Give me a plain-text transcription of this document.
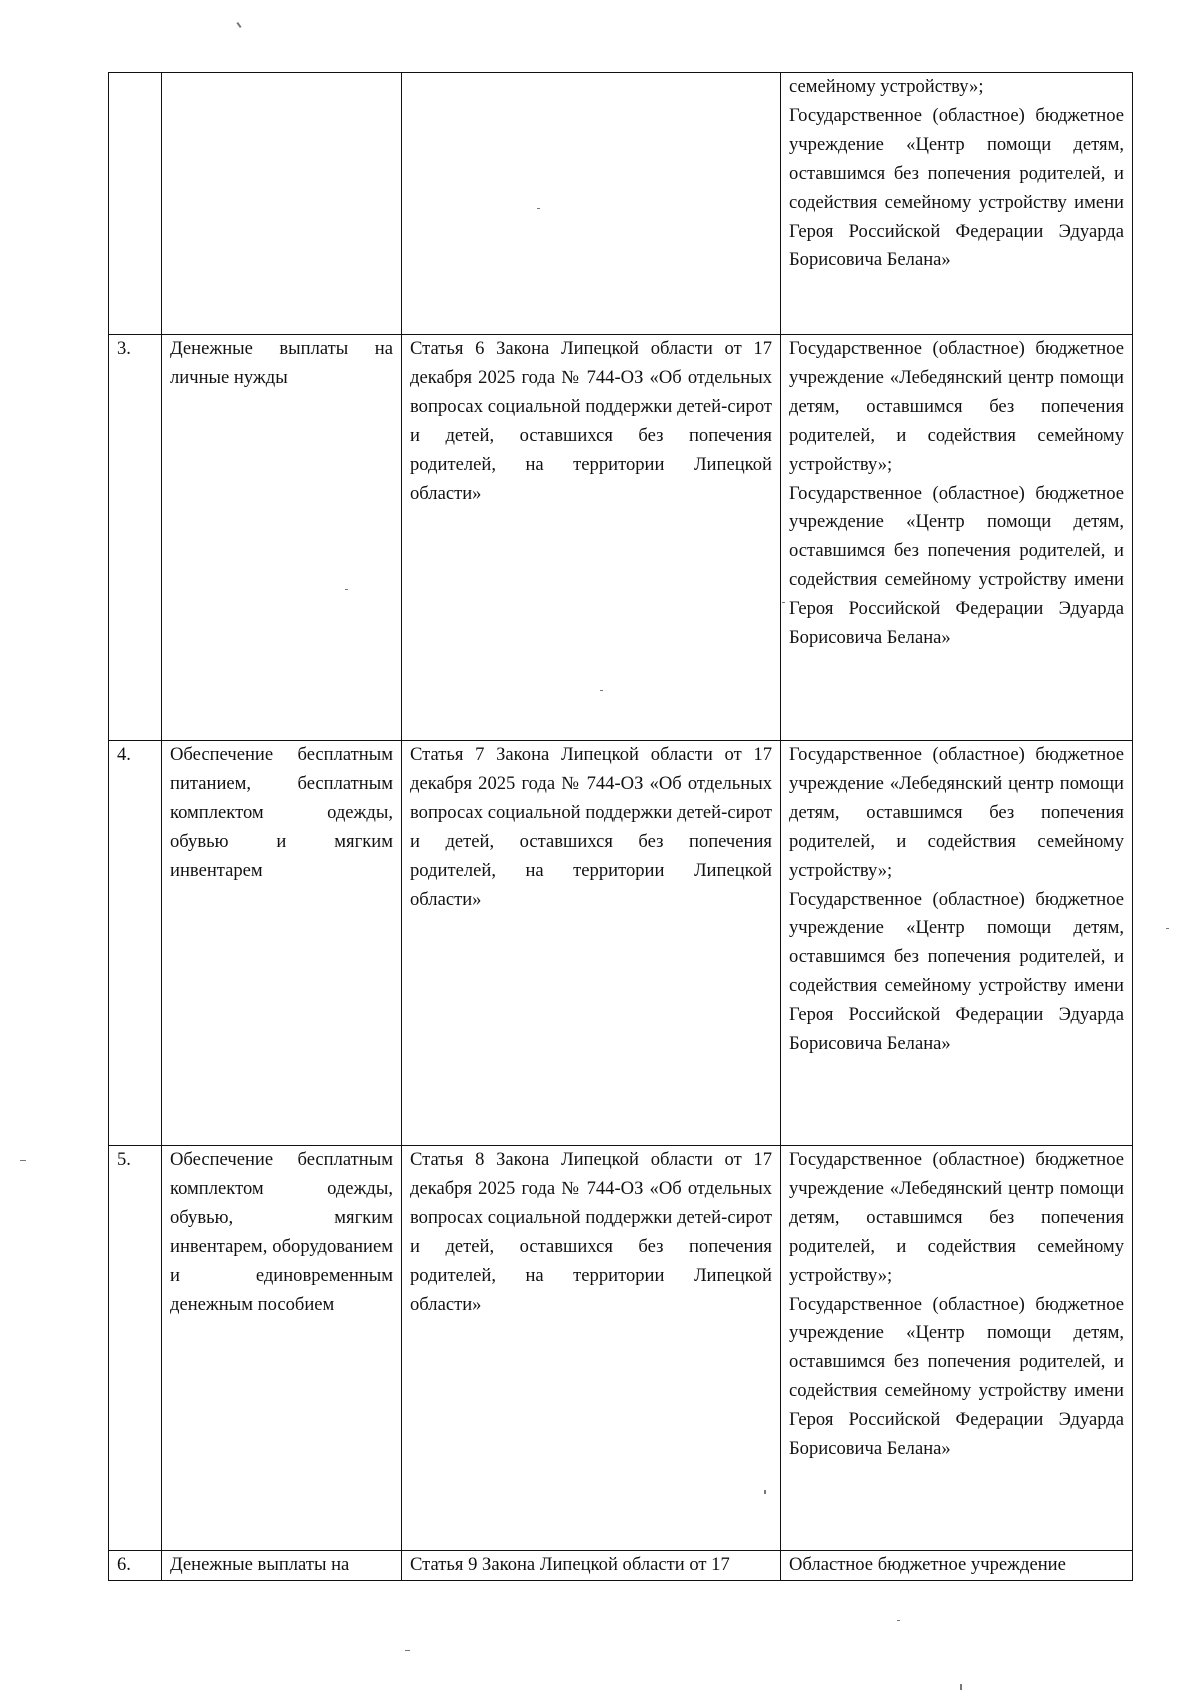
			семейному устройству»;
Государственное (областное) бюджетное учреждение «Центр помощи детям, оставшимся без попечения родителей, и содействия семейному устройству имени Героя Российской Федерации Эдуарда Борисовича Белана»

3.	Денежные выплаты на личные нужды	Статья 6 Закона Липецкой области от 17 декабря 2025 года № 744-ОЗ «Об отдельных вопросах социальной поддержки детей-сирот и детей, оставшихся без попечения родителей, на территории Липецкой области»	Государственное (областное) бюджетное учреждение «Лебедянский центр помощи детям, оставшимся без попечения родителей, и содействия семейному устройству»;
Государственное (областное) бюджетное учреждение «Центр помощи детям, оставшимся без попечения родителей, и содействия семейному устройству имени Героя Российской Федерации Эдуарда Борисовича Белана»

4.	Обеспечение бесплатным питанием, бесплатным комплектом одежды, обувью и мягким инвентарем	Статья 7 Закона Липецкой области от 17 декабря 2025 года № 744-ОЗ «Об отдельных вопросах социальной поддержки детей-сирот и детей, оставшихся без попечения родителей, на территории Липецкой области»	Государственное (областное) бюджетное учреждение «Лебедянский центр помощи детям, оставшимся без попечения родителей, и содействия семейному устройству»;
Государственное (областное) бюджетное учреждение «Центр помощи детям, оставшимся без попечения родителей, и содействия семейному устройству имени Героя Российской Федерации Эдуарда Борисовича Белана»

5.	Обеспечение бесплатным комплектом одежды, обувью, мягким инвентарем, оборудованием и единовременным денежным пособием	Статья 8 Закона Липецкой области от 17 декабря 2025 года № 744-ОЗ «Об отдельных вопросах социальной поддержки детей-сирот и детей, оставшихся без попечения родителей, на территории Липецкой области»	Государственное (областное) бюджетное учреждение «Лебедянский центр помощи детям, оставшимся без попечения родителей, и содействия семейному устройству»;
Государственное (областное) бюджетное учреждение «Центр помощи детям, оставшимся без попечения родителей, и содействия семейному устройству имени Героя Российской Федерации Эдуарда Борисовича Белана»

6.	Денежные выплаты на	Статья 9 Закона Липецкой области от 17	Областное бюджетное учреждение
